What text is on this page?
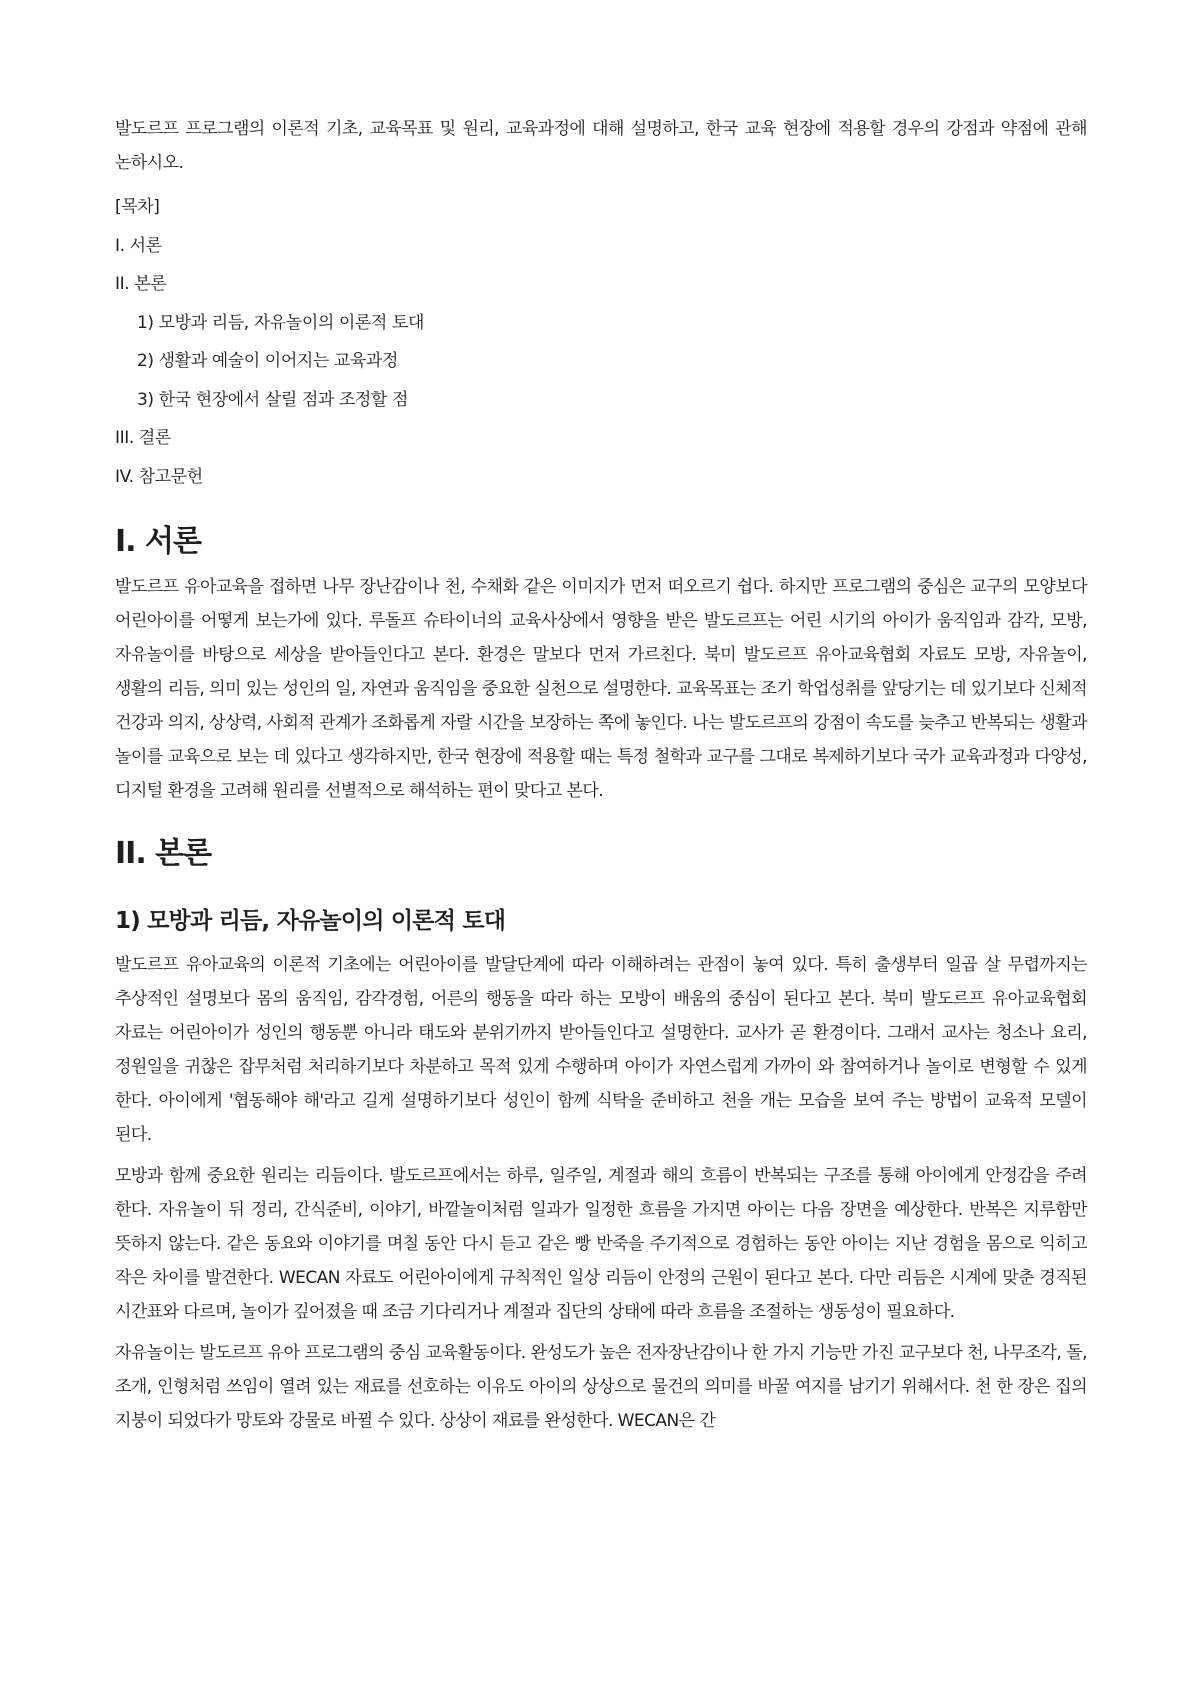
발도르프 프로그램의 이론적 기초, 교육목표 및 원리, 교육과정에 대해 설명하고, 한국 교육 현장에 적용할 경우의 강점과 약점에 관해 논하시오.

[목차]
I. 서론
II. 본론
1) 모방과 리듬, 자유놀이의 이론적 토대
2) 생활과 예술이 이어지는 교육과정
3) 한국 현장에서 살릴 점과 조정할 점
III. 결론
IV. 참고문헌
I. 서론

발도르프 유아교육을 접하면 나무 장난감이나 천, 수채화 같은 이미지가 먼저 떠오르기 쉽다. 하지만 프로그램의 중심은 교구의 모양보다 어린아이를 어떻게 보는가에 있다. 루돌프 슈타이너의 교육사상에서 영향을 받은 발도르프는 어린 시기의 아이가 움직임과 감각, 모방, 자유놀이를 바탕으로 세상을 받아들인다고 본다. 환경은 말보다 먼저 가르친다. 북미 발도르프 유아교육협회 자료도 모방, 자유놀이, 생활의 리듬, 의미 있는 성인의 일, 자연과 움직임을 중요한 실천으로 설명한다. 교육목표는 조기 학업성취를 앞당기는 데 있기보다 신체적 건강과 의지, 상상력, 사회적 관계가 조화롭게 자랄 시간을 보장하는 쪽에 놓인다. 나는 발도르프의 강점이 속도를 늦추고 반복되는 생활과 놀이를 교육으로 보는 데 있다고 생각하지만, 한국 현장에 적용할 때는 특정 철학과 교구를 그대로 복제하기보다 국가 교육과정과 다양성, 디지털 환경을 고려해 원리를 선별적으로 해석하는 편이 맞다고 본다.

II. 본론
1) 모방과 리듬, 자유놀이의 이론적 토대

발도르프 유아교육의 이론적 기초에는 어린아이를 발달단계에 따라 이해하려는 관점이 놓여 있다. 특히 출생부터 일곱 살 무렵까지는 추상적인 설명보다 몸의 움직임, 감각경험, 어른의 행동을 따라 하는 모방이 배움의 중심이 된다고 본다. 북미 발도르프 유아교육협회 자료는 어린아이가 성인의 행동뿐 아니라 태도와 분위기까지 받아들인다고 설명한다. 교사가 곧 환경이다. 그래서 교사는 청소나 요리, 정원일을 귀찮은 잡무처럼 처리하기보다 차분하고 목적 있게 수행하며 아이가 자연스럽게 가까이 와 참여하거나 놀이로 변형할 수 있게 한다. 아이에게 '협동해야 해'라고 길게 설명하기보다 성인이 함께 식탁을 준비하고 천을 개는 모습을 보여 주는 방법이 교육적 모델이 된다.

모방과 함께 중요한 원리는 리듬이다. 발도르프에서는 하루, 일주일, 계절과 해의 흐름이 반복되는 구조를 통해 아이에게 안정감을 주려 한다. 자유놀이 뒤 정리, 간식준비, 이야기, 바깥놀이처럼 일과가 일정한 흐름을 가지면 아이는 다음 장면을 예상한다. 반복은 지루함만 뜻하지 않는다. 같은 동요와 이야기를 며칠 동안 다시 듣고 같은 빵 반죽을 주기적으로 경험하는 동안 아이는 지난 경험을 몸으로 익히고 작은 차이를 발견한다. WECAN 자료도 어린아이에게 규칙적인 일상 리듬이 안정의 근원이 된다고 본다. 다만 리듬은 시계에 맞춘 경직된 시간표와 다르며, 놀이가 깊어졌을 때 조금 기다리거나 계절과 집단의 상태에 따라 흐름을 조절하는 생동성이 필요하다.

자유놀이는 발도르프 유아 프로그램의 중심 교육활동이다. 완성도가 높은 전자장난감이나 한 가지 기능만 가진 교구보다 천, 나무조각, 돌, 조개, 인형처럼 쓰임이 열려 있는 재료를 선호하는 이유도 아이의 상상으로 물건의 의미를 바꿀 여지를 남기기 위해서다. 천 한 장은 집의 지붕이 되었다가 망토와 강물로 바뀔 수 있다. 상상이 재료를 완성한다. WECAN은 간
